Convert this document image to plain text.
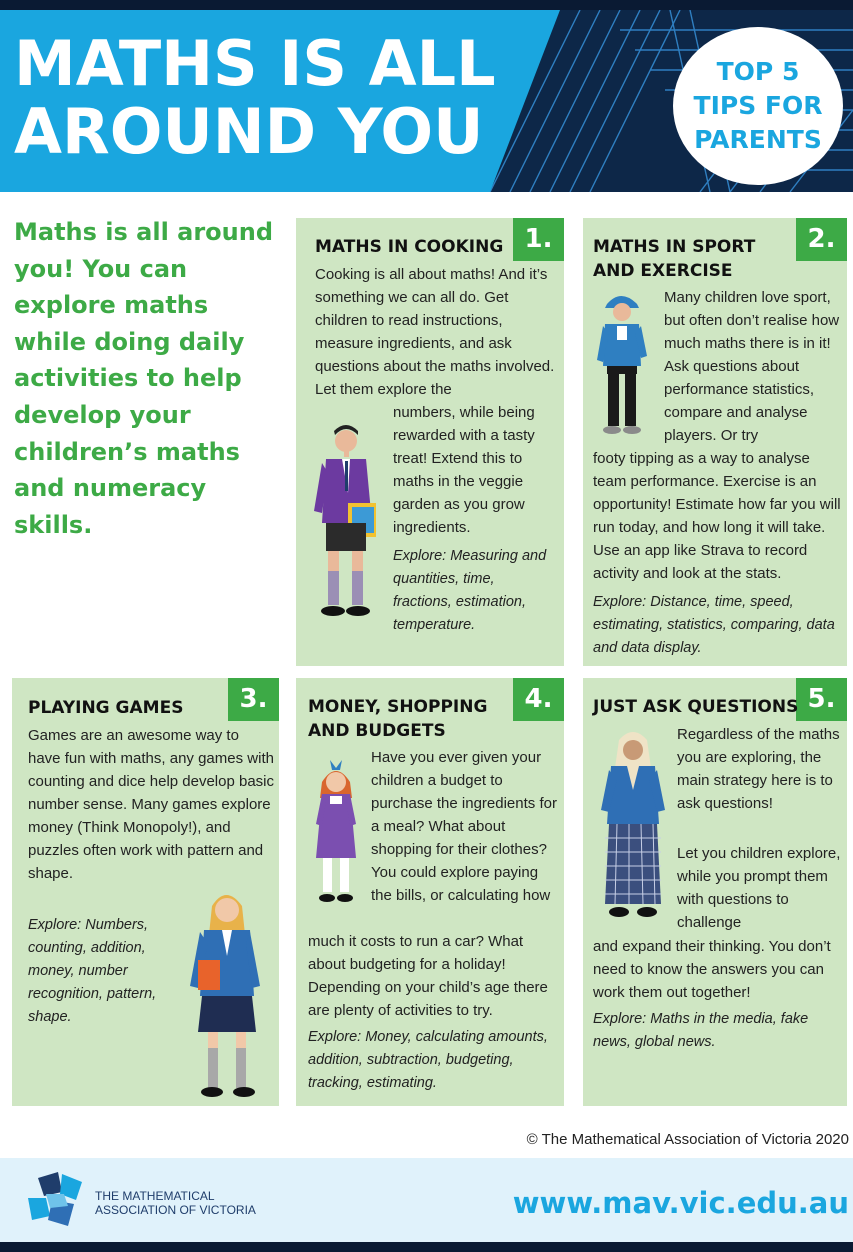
MATHS IS ALL
AROUND YOU
TOP 5
TIPS FOR
PARENTS
Maths is all around you! You can explore maths while doing daily activities to help develop your children’s maths and numeracy skills.
1.
MATHS IN COOKING
Cooking is all about maths! And it’s something we can all do. Get children to read instructions, measure ingredients, and ask questions about the maths involved. Let them explore the
numbers, while being rewarded with a tasty treat! Extend this to maths in the veggie garden as you grow ingredients.
Explore: Measuring and quantities, time, fractions, estimation, temperature.
2.
MATHS IN SPORT
AND EXERCISE
Many children love sport, but often don’t realise how much maths there is in it! Ask questions about performance statistics, compare and analyse players. Or try
footy tipping as a way to analyse team performance. Exercise is an opportunity! Estimate how far you will run today, and how long it will take. Use an app like Strava to record activity and look at the stats.
Explore: Distance, time, speed, estimating, statistics, comparing, data and data display.
3.
PLAYING GAMES
Games are an awesome way to have fun with maths, any games with counting and dice help develop basic number sense. Many games explore money (Think Monopoly!), and puzzles often work with pattern and shape.
Explore: Numbers, counting, addition, money, number recognition, pattern, shape.
4.
MONEY, SHOPPING
AND BUDGETS
Have you ever given your children a budget to purchase the ingredients for a meal? What about shopping for their clothes? You could explore paying the bills, or calculating how
much it costs to run a car? What about budgeting for a holiday! Depending on your child’s age there are plenty of activities to try.
Explore: Money, calculating amounts, addition, subtraction, budgeting, tracking, estimating.
5.
JUST ASK QUESTIONS
Regardless of the maths you are exploring, the main strategy here is to ask questions!
Let you children explore, while you prompt them with questions to challenge
and expand their thinking. You don’t need to know the answers you can work them out together!
Explore: Maths in the media, fake news, global news.
© The Mathematical Association of Victoria 2020
THE MATHEMATICAL
ASSOCIATION OF VICTORIA	www.mav.vic.edu.au
